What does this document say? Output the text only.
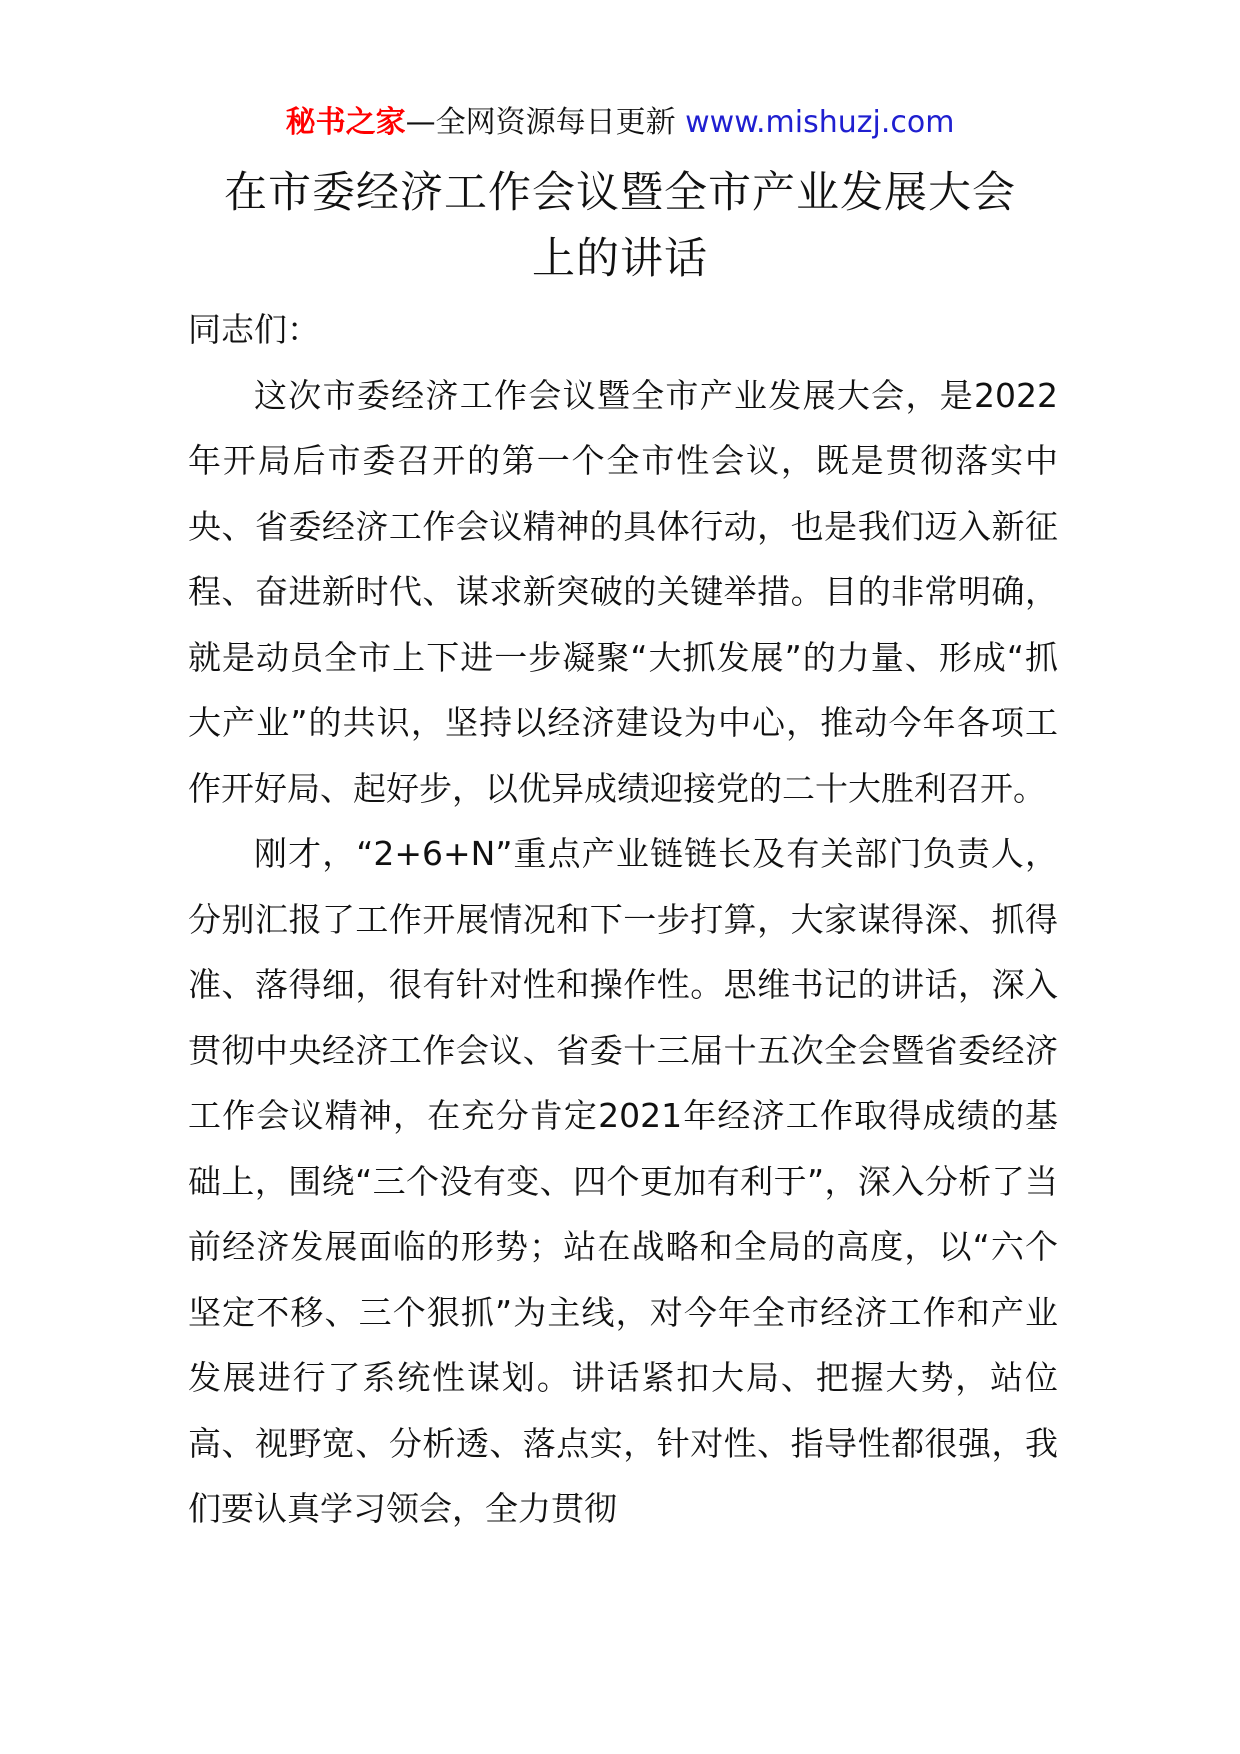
秘书之家—全网资源每日更新 www.mishuzj.com
在市委经济工作会议暨全市产业发展大会
上的讲话

同志们：

这次市委经济工作会议暨全市产业发展大会，是2022年开局后市委召开的第一个全市性会议，既是贯彻落实中央、省委经济工作会议精神的具体行动，也是我们迈入新征程、奋进新时代、谋求新突破的关键举措。目的非常明确，就是动员全市上下进一步凝聚“大抓发展”的力量、形成“抓大产业”的共识，坚持以经济建设为中心，推动今年各项工作开好局、起好步，以优异成绩迎接党的二十大胜利召开。

刚才，“2+6+N”重点产业链链长及有关部门负责人，分别汇报了工作开展情况和下一步打算，大家谋得深、抓得准、落得细，很有针对性和操作性。思维书记的讲话，深入贯彻中央经济工作会议、省委十三届十五次全会暨省委经济工作会议精神，在充分肯定2021年经济工作取得成绩的基础上，围绕“三个没有变、四个更加有利于”，深入分析了当前经济发展面临的形势；站在战略和全局的高度，以“六个坚定不移、三个狠抓”为主线，对今年全市经济工作和产业发展进行了系统性谋划。讲话紧扣大局、把握大势，站位高、视野宽、分析透、落点实，针对性、指导性都很强，我们要认真学习领会，全力贯彻
